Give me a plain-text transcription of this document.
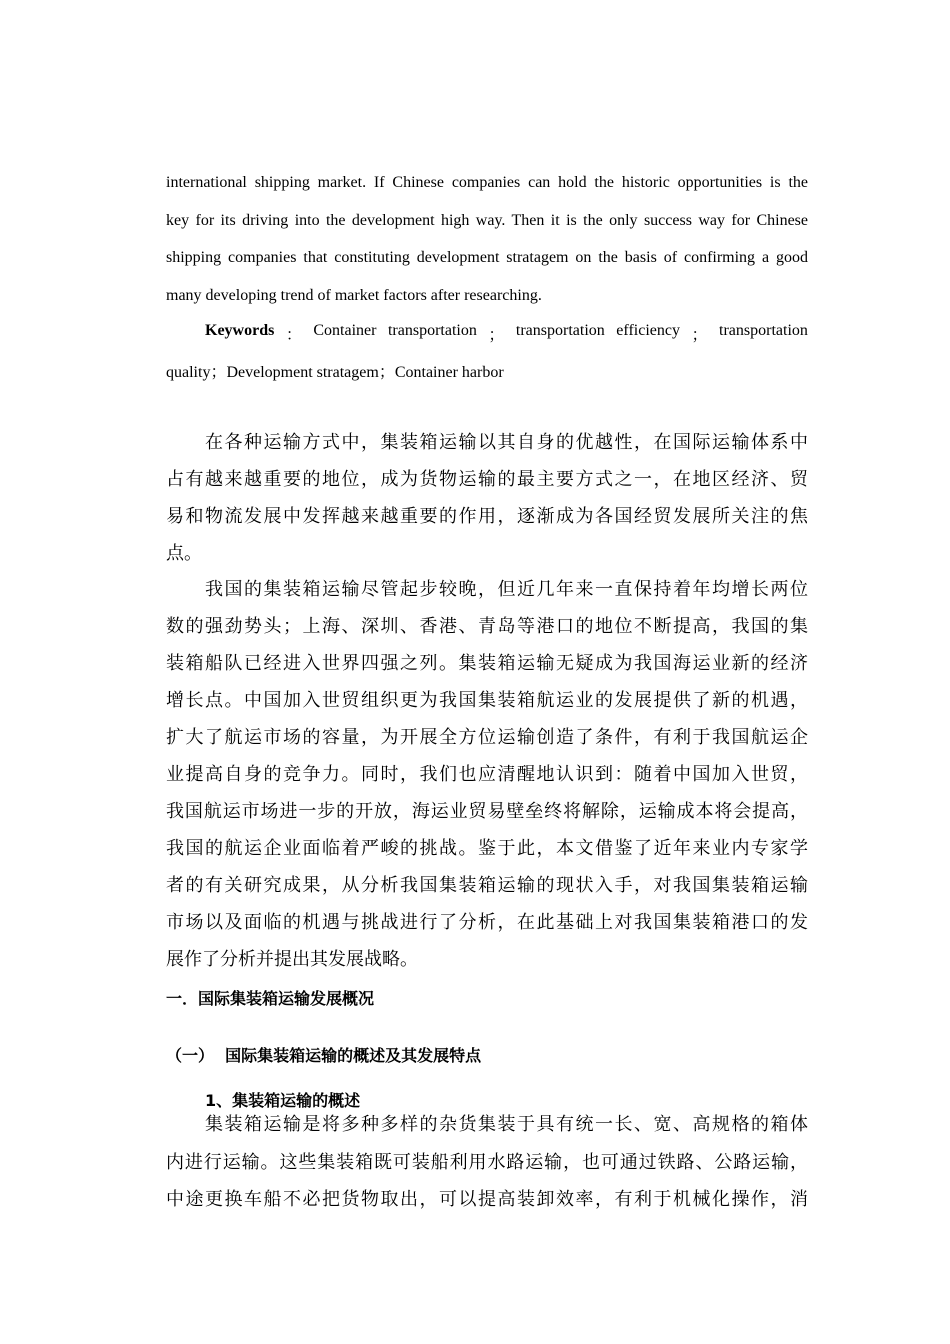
international shipping market. If Chinese companies can hold the historic opportunities is the
key for its driving into the development high way. Then it is the only success way for Chinese
shipping companies that constituting development stratagem on the basis of confirming a good
many developing trend of market factors after researching.
Keywords ： Container transportation ； transportation efficiency ； transportation
quality；Development stratagem；Container harbor
在各种运输方式中，集装箱运输以其自身的优越性，在国际运输体系中
占有越来越重要的地位，成为货物运输的最主要方式之一，在地区经济、贸
易和物流发展中发挥越来越重要的作用，逐渐成为各国经贸发展所关注的焦
点。
我国的集装箱运输尽管起步较晚，但近几年来一直保持着年均增长两位
数的强劲势头；上海、深圳、香港、青岛等港口的地位不断提高，我国的集
装箱船队已经进入世界四强之列。集装箱运输无疑成为我国海运业新的经济
增长点。中国加入世贸组织更为我国集装箱航运业的发展提供了新的机遇，
扩大了航运市场的容量，为开展全方位运输创造了条件，有利于我国航运企
业提高自身的竞争力。同时，我们也应清醒地认识到：随着中国加入世贸，
我国航运市场进一步的开放，海运业贸易壁垒终将解除，运输成本将会提高，
我国的航运企业面临着严峻的挑战。鉴于此，本文借鉴了近年来业内专家学
者的有关研究成果，从分析我国集装箱运输的现状入手，对我国集装箱运输
市场以及面临的机遇与挑战进行了分析，在此基础上对我国集装箱港口的发
展作了分析并提出其发展战略。
一．国际集装箱运输发展概况
（一）  国际集装箱运输的概述及其发展特点
1、集装箱运输的概述
集装箱运输是将多种多样的杂货集装于具有统一长、宽、高规格的箱体
内进行运输。这些集装箱既可装船利用水路运输，也可通过铁路、公路运输，
中途更换车船不必把货物取出，可以提高装卸效率，有利于机械化操作，消
